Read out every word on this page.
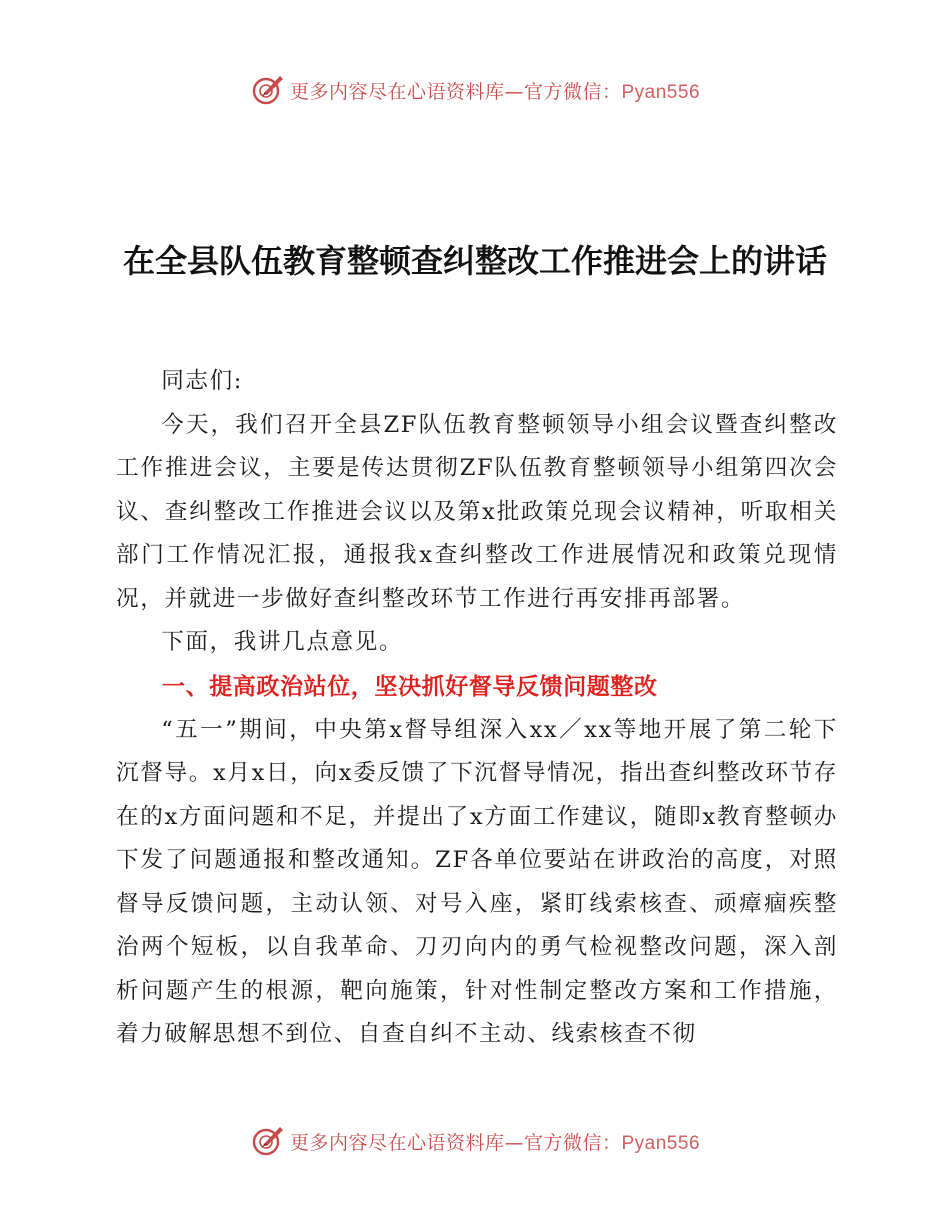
更多内容尽在心语资料库—官方微信：Pyan556
在全县队伍教育整顿查纠整改工作推进会上的讲话

同志们:

今天，我们召开全县ZF队伍教育整顿领导小组会议暨查纠整改工作推进会议，主要是传达贯彻ZF队伍教育整顿领导小组第四次会议、查纠整改工作推进会议以及第x批政策兑现会议精神，听取相关部门工作情况汇报，通报我x查纠整改工作进展情况和政策兑现情况，并就进一步做好查纠整改环节工作进行再安排再部署。

下面，我讲几点意见。

一、提高政治站位，坚决抓好督导反馈问题整改

“五一”期间，中央第x督导组深入xx／xx等地开展了第二轮下沉督导。x月x日，向x委反馈了下沉督导情况，指出查纠整改环节存在的x方面问题和不足，并提出了x方面工作建议，随即x教育整顿办下发了问题通报和整改通知。ZF各单位要站在讲政治的高度，对照督导反馈问题，主动认领、对号入座，紧盯线索核查、顽瘴痼疾整治两个短板，以自我革命、刀刃向内的勇气检视整改问题，深入剖析问题产生的根源，靶向施策，针对性制定整改方案和工作措施，着力破解思想不到位、自查自纠不主动、线索核查不彻

更多内容尽在心语资料库—官方微信：Pyan556
